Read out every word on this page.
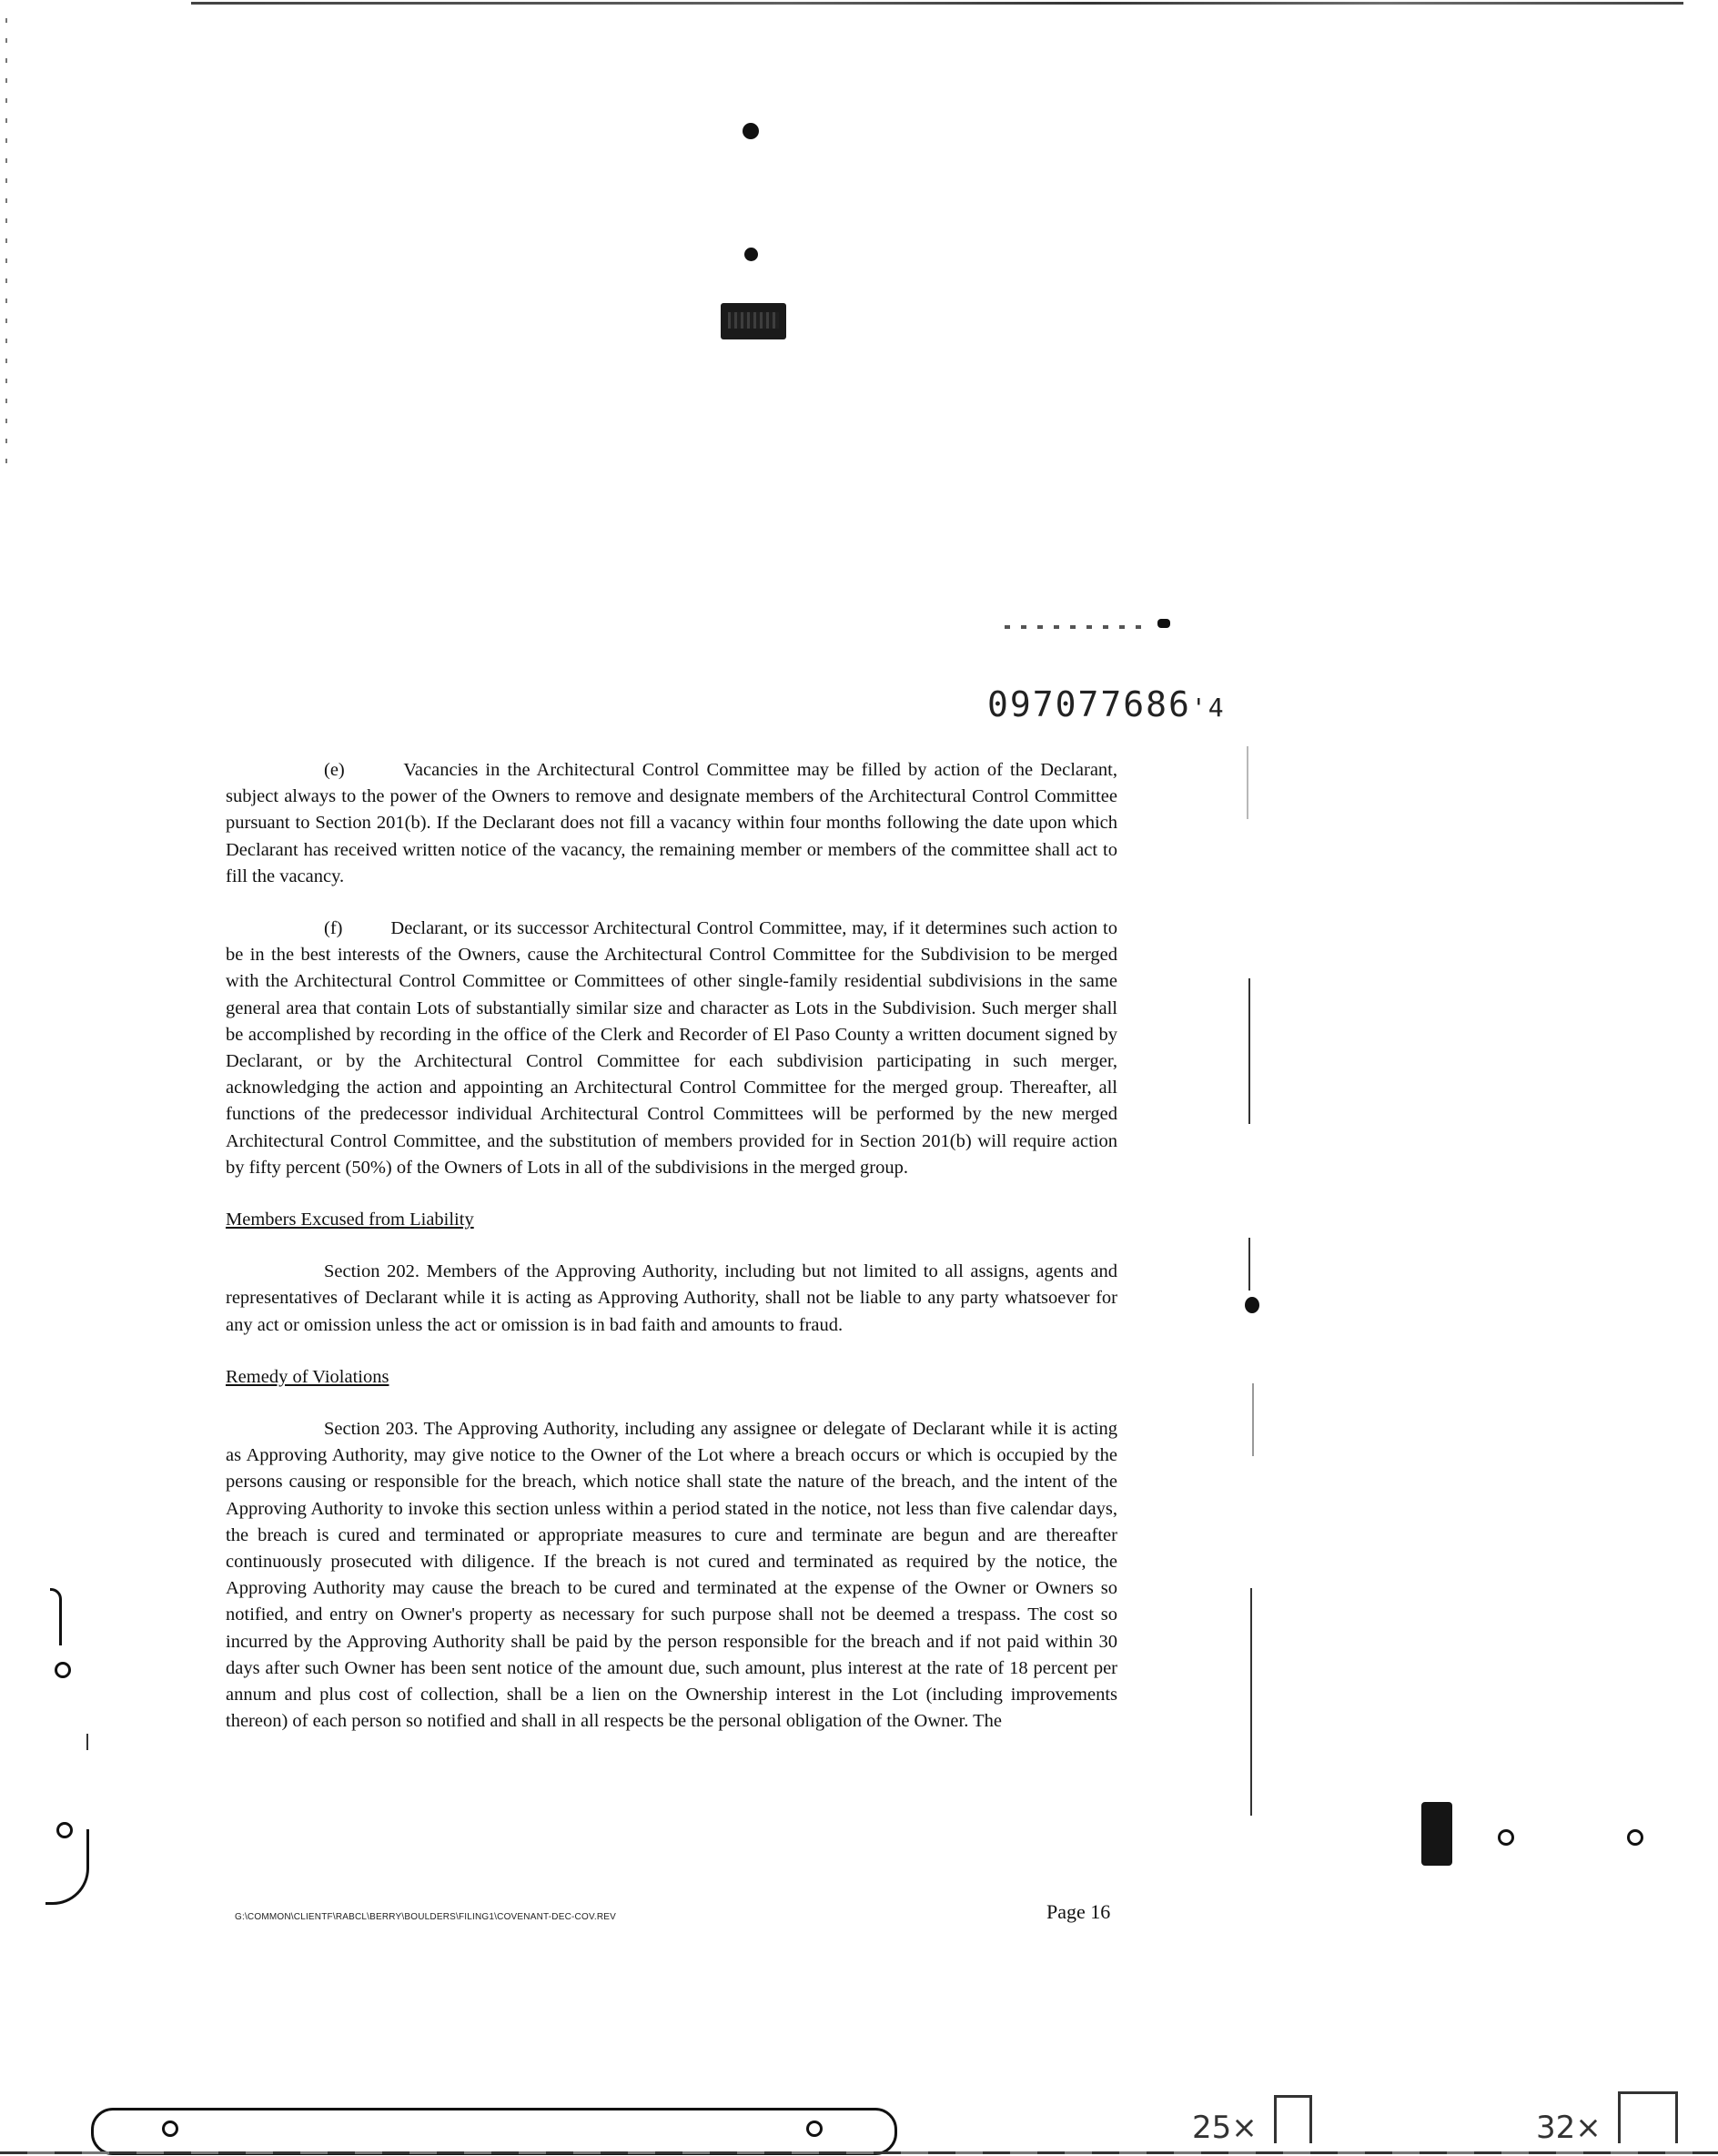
097077686'4

(e)	Vacancies in the Architectural Control Committee may be filled by action of the Declarant, subject always to the power of the Owners to remove and designate members of the Architectural Control Committee pursuant to Section 201(b). If the Declarant does not fill a vacancy within four months following the date upon which Declarant has received written notice of the vacancy, the remaining member or members of the committee shall act to fill the vacancy.

(f)	Declarant, or its successor Architectural Control Committee, may, if it determines such action to be in the best interests of the Owners, cause the Architectural Control Committee for the Subdivision to be merged with the Architectural Control Committee or Committees of other single-family residential subdivisions in the same general area that contain Lots of substantially similar size and character as Lots in the Subdivision. Such merger shall be accomplished by recording in the office of the Clerk and Recorder of El Paso County a written document signed by Declarant, or by the Architectural Control Committee for each subdivision participating in such merger, acknowledging the action and appointing an Architectural Control Committee for the merged group. Thereafter, all functions of the predecessor individual Architectural Control Committees will be performed by the new merged Architectural Control Committee, and the substitution of members provided for in Section 201(b) will require action by fifty percent (50%) of the Owners of Lots in all of the subdivisions in the merged group.

Members Excused from Liability

Section 202. Members of the Approving Authority, including but not limited to all assigns, agents and representatives of Declarant while it is acting as Approving Authority, shall not be liable to any party whatsoever for any act or omission unless the act or omission is in bad faith and amounts to fraud.

Remedy of Violations

Section 203. The Approving Authority, including any assignee or delegate of Declarant while it is acting as Approving Authority, may give notice to the Owner of the Lot where a breach occurs or which is occupied by the persons causing or responsible for the breach, which notice shall state the nature of the breach, and the intent of the Approving Authority to invoke this section unless within a period stated in the notice, not less than five calendar days, the breach is cured and terminated or appropriate measures to cure and terminate are begun and are thereafter continuously prosecuted with diligence. If the breach is not cured and terminated as required by the notice, the Approving Authority may cause the breach to be cured and terminated at the expense of the Owner or Owners so notified, and entry on Owner's property as necessary for such purpose shall not be deemed a trespass. The cost so incurred by the Approving Authority shall be paid by the person responsible for the breach and if not paid within 30 days after such Owner has been sent notice of the amount due, such amount, plus interest at the rate of 18 percent per annum and plus cost of collection, shall be a lien on the Ownership interest in the Lot (including improvements thereon) of each person so notified and shall in all respects be the personal obligation of the Owner. The

G:\COMMON\CLIENTF\RABCL\BERRY\BOULDERS\FILING1\COVENANT-DEC-COV.REV	Page 16
25×	32×
